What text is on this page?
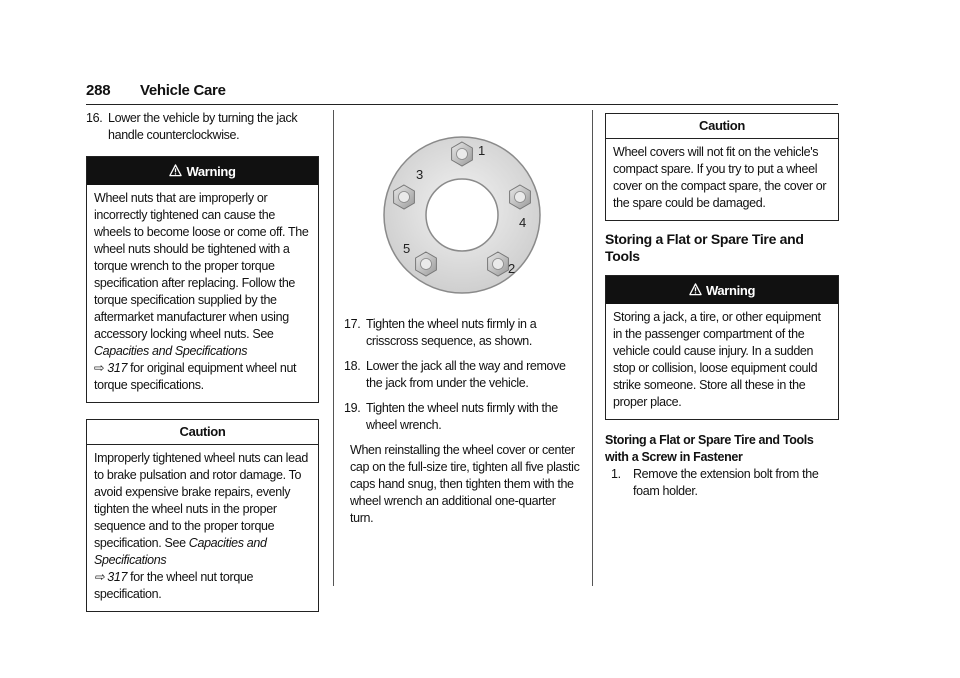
288 Vehicle Care
16. Lower the vehicle by turning the jack handle counterclockwise.
Warning

Wheel nuts that are improperly or incorrectly tightened can cause the wheels to become loose or come off. The wheel nuts should be tightened with a torque wrench to the proper torque specification after replacing. Follow the torque specification supplied by the aftermarket manufacturer when using accessory locking wheel nuts. See Capacities and Specifications
⇨ 317 for original equipment wheel nut torque specifications.

Caution

Improperly tightened wheel nuts can lead to brake pulsation and rotor damage. To avoid expensive brake repairs, evenly tighten the wheel nuts in the proper sequence and to the proper torque specification. See Capacities and Specifications
⇨ 317 for the wheel nut torque specification.

1
2
3
4
5
17. Tighten the wheel nuts firmly in a crisscross sequence, as shown.
18. Lower the jack all the way and remove the jack from under the vehicle.
19. Tighten the wheel nuts firmly with the wheel wrench.

When reinstalling the wheel cover or center cap on the full-size tire, tighten all five plastic caps hand snug, then tighten them with the wheel wrench an additional one-quarter turn.

Caution

Wheel covers will not fit on the vehicle's compact spare. If you try to put a wheel cover on the compact spare, the cover or the spare could be damaged.

Storing a Flat or Spare Tire and Tools
Warning

Storing a jack, a tire, or other equipment in the passenger compartment of the vehicle could cause injury. In a sudden stop or collision, loose equipment could strike someone. Store all these in the proper place.

Storing a Flat or Spare Tire and Tools with a Screw in Fastener

1. Remove the extension bolt from the foam holder.
